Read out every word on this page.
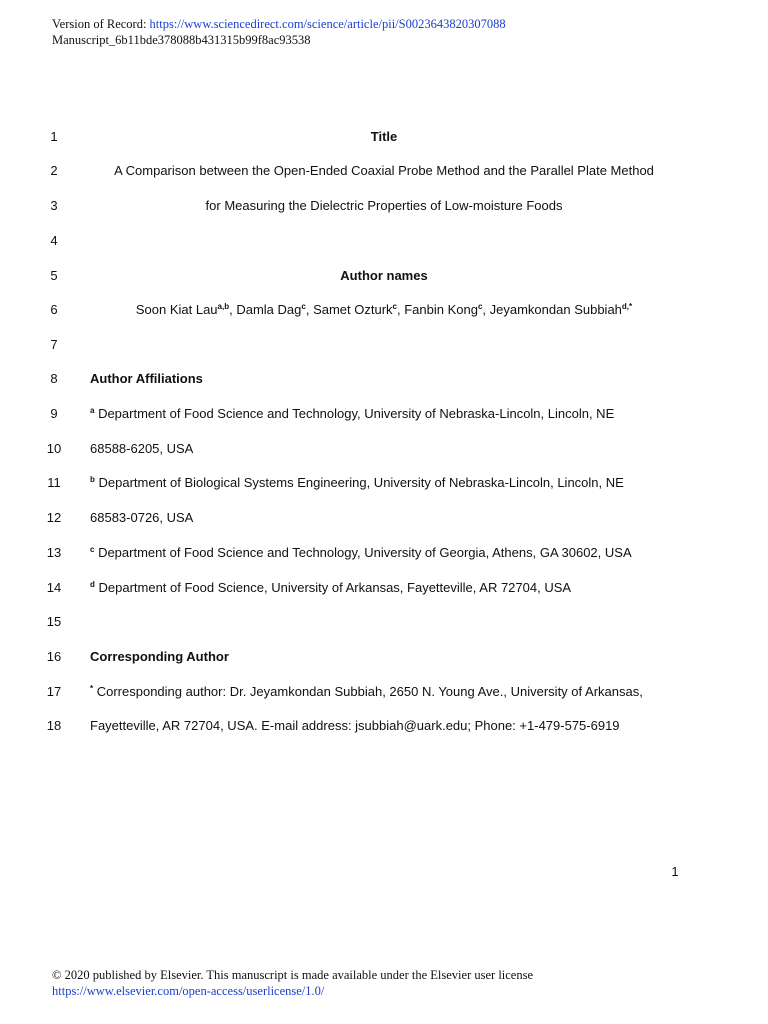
Version of Record: https://www.sciencedirect.com/science/article/pii/S0023643820307088
Manuscript_6b11bde378088b431315b99f8ac93538
1	Title
2	A Comparison between the Open-Ended Coaxial Probe Method and the Parallel Plate Method
3	for Measuring the Dielectric Properties of Low-moisture Foods
4
5	Author names
6	Soon Kiat Lau$^{a,b}$, Damla Dag$^c$, Samet Ozturk$^c$, Fanbin Kong$^c$, Jeyamkondan Subbiah$^{d,*}$
7
8	Author Affiliations
9	$^a$ Department of Food Science and Technology, University of Nebraska-Lincoln, Lincoln, NE
10	68588-6205, USA
11	$^b$ Department of Biological Systems Engineering, University of Nebraska-Lincoln, Lincoln, NE
12	68583-0726, USA
13	$^c$ Department of Food Science and Technology, University of Georgia, Athens, GA 30602, USA
14	$^d$ Department of Food Science, University of Arkansas, Fayetteville, AR 72704, USA
15
16	Corresponding Author
17	* Corresponding author: Dr. Jeyamkondan Subbiah, 2650 N. Young Ave., University of Arkansas,
18	Fayetteville, AR 72704, USA. E-mail address: jsubbiah@uark.edu; Phone: +1-479-575-6919
1
© 2020 published by Elsevier. This manuscript is made available under the Elsevier user license
https://www.elsevier.com/open-access/userlicense/1.0/
